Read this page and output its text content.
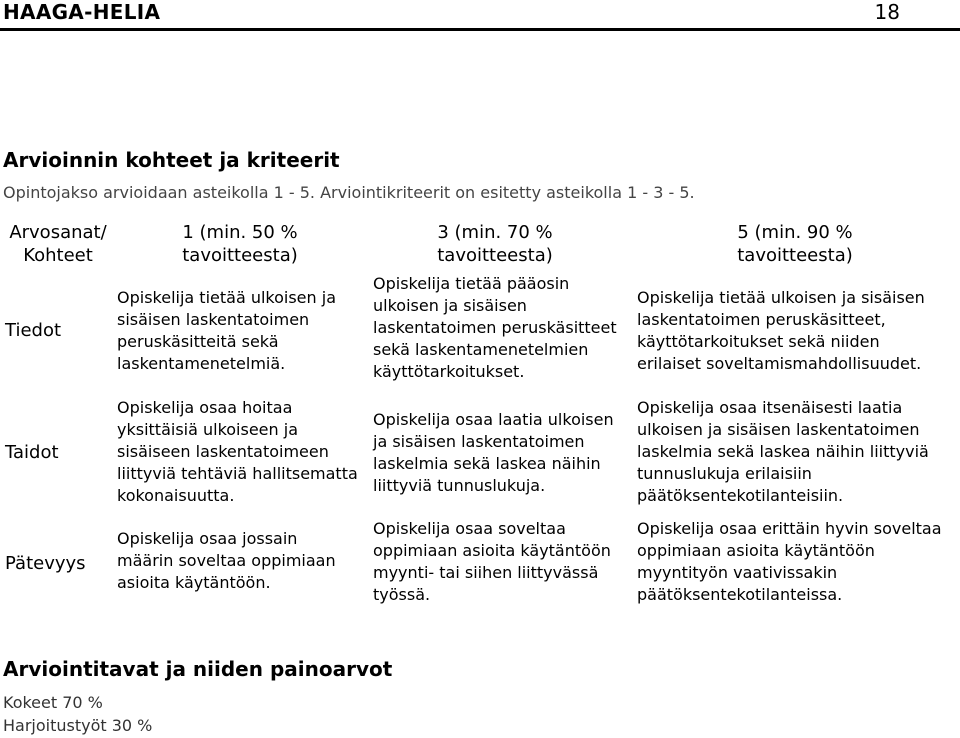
HAAGA-HELIA	18
Arvioinnin kohteet ja kriteerit
Opintojakso arvioidaan asteikolla 1 - 5. Arviointikriteerit on esitetty asteikolla 1 - 3 - 5.
Arvosanat/
Kohteet
1 (min. 50 %
tavoitteesta)
3 (min. 70 %
tavoitteesta)
5 (min. 90 %
tavoitteesta)
Tiedot
Opiskelija tietää ulkoisen ja
sisäisen laskentatoimen
peruskäsitteitä sekä
laskentamenetelmiä.
Opiskelija tietää pääosin
ulkoisen ja sisäisen
laskentatoimen peruskäsitteet
sekä laskentamenetelmien
käyttötarkoitukset.
Opiskelija tietää ulkoisen ja sisäisen
laskentatoimen peruskäsitteet,
käyttötarkoitukset sekä niiden
erilaiset soveltamismahdollisuudet.
Taidot
Opiskelija osaa hoitaa
yksittäisiä ulkoiseen ja
sisäiseen laskentatoimeen
liittyviä tehtäviä hallitsematta
kokonaisuutta.
Opiskelija osaa laatia ulkoisen
ja sisäisen laskentatoimen
laskelmia sekä laskea näihin
liittyviä tunnuslukuja.
Opiskelija osaa itsenäisesti laatia
ulkoisen ja sisäisen laskentatoimen
laskelmia sekä laskea näihin liittyviä
tunnuslukuja erilaisiin
päätöksentekotilanteisiin.
Pätevyys
Opiskelija osaa jossain
määrin soveltaa oppimiaan
asioita käytäntöön.
Opiskelija osaa soveltaa
oppimiaan asioita käytäntöön
myynti- tai siihen liittyvässä
työssä.
Opiskelija osaa erittäin hyvin soveltaa
oppimiaan asioita käytäntöön
myyntityön vaativissakin
päätöksentekotilanteissa.
Arviointitavat ja niiden painoarvot
Kokeet 70 %
Harjoitustyöt 30 %
